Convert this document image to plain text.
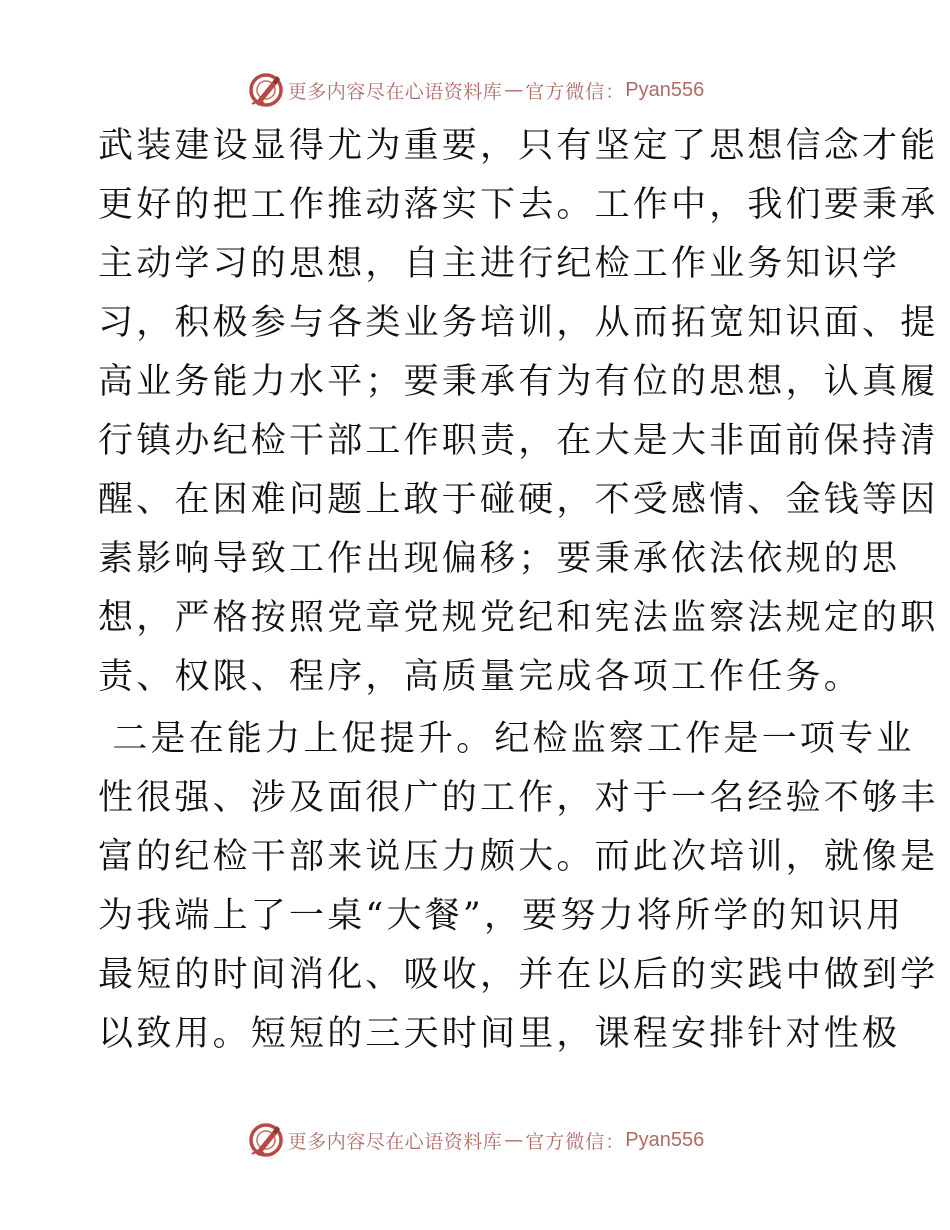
更多内容尽在心语资料库 — 官方微信： Pyan556
武装建设显得尤为重要，只有坚定了思想信念才能
更好的把工作推动落实下去。工作中，我们要秉承
主动学习的思想，自主进行纪检工作业务知识学
习，积极参与各类业务培训，从而拓宽知识面、提
高业务能力水平；要秉承有为有位的思想，认真履
行镇办纪检干部工作职责，在大是大非面前保持清
醒、在困难问题上敢于碰硬，不受感情、金钱等因
素影响导致工作出现偏移；要秉承依法依规的思
想，严格按照党章党规党纪和宪法监察法规定的职
责、权限、程序，高质量完成各项工作任务。
二是在能力上促提升。纪检监察工作是一项专业
性很强、涉及面很广的工作，对于一名经验不够丰
富的纪检干部来说压力颇大。而此次培训，就像是
为我端上了一桌“大餐”，要努力将所学的知识用
最短的时间消化、吸收，并在以后的实践中做到学
以致用。短短的三天时间里，课程安排针对性极
更多内容尽在心语资料库 — 官方微信： Pyan556
